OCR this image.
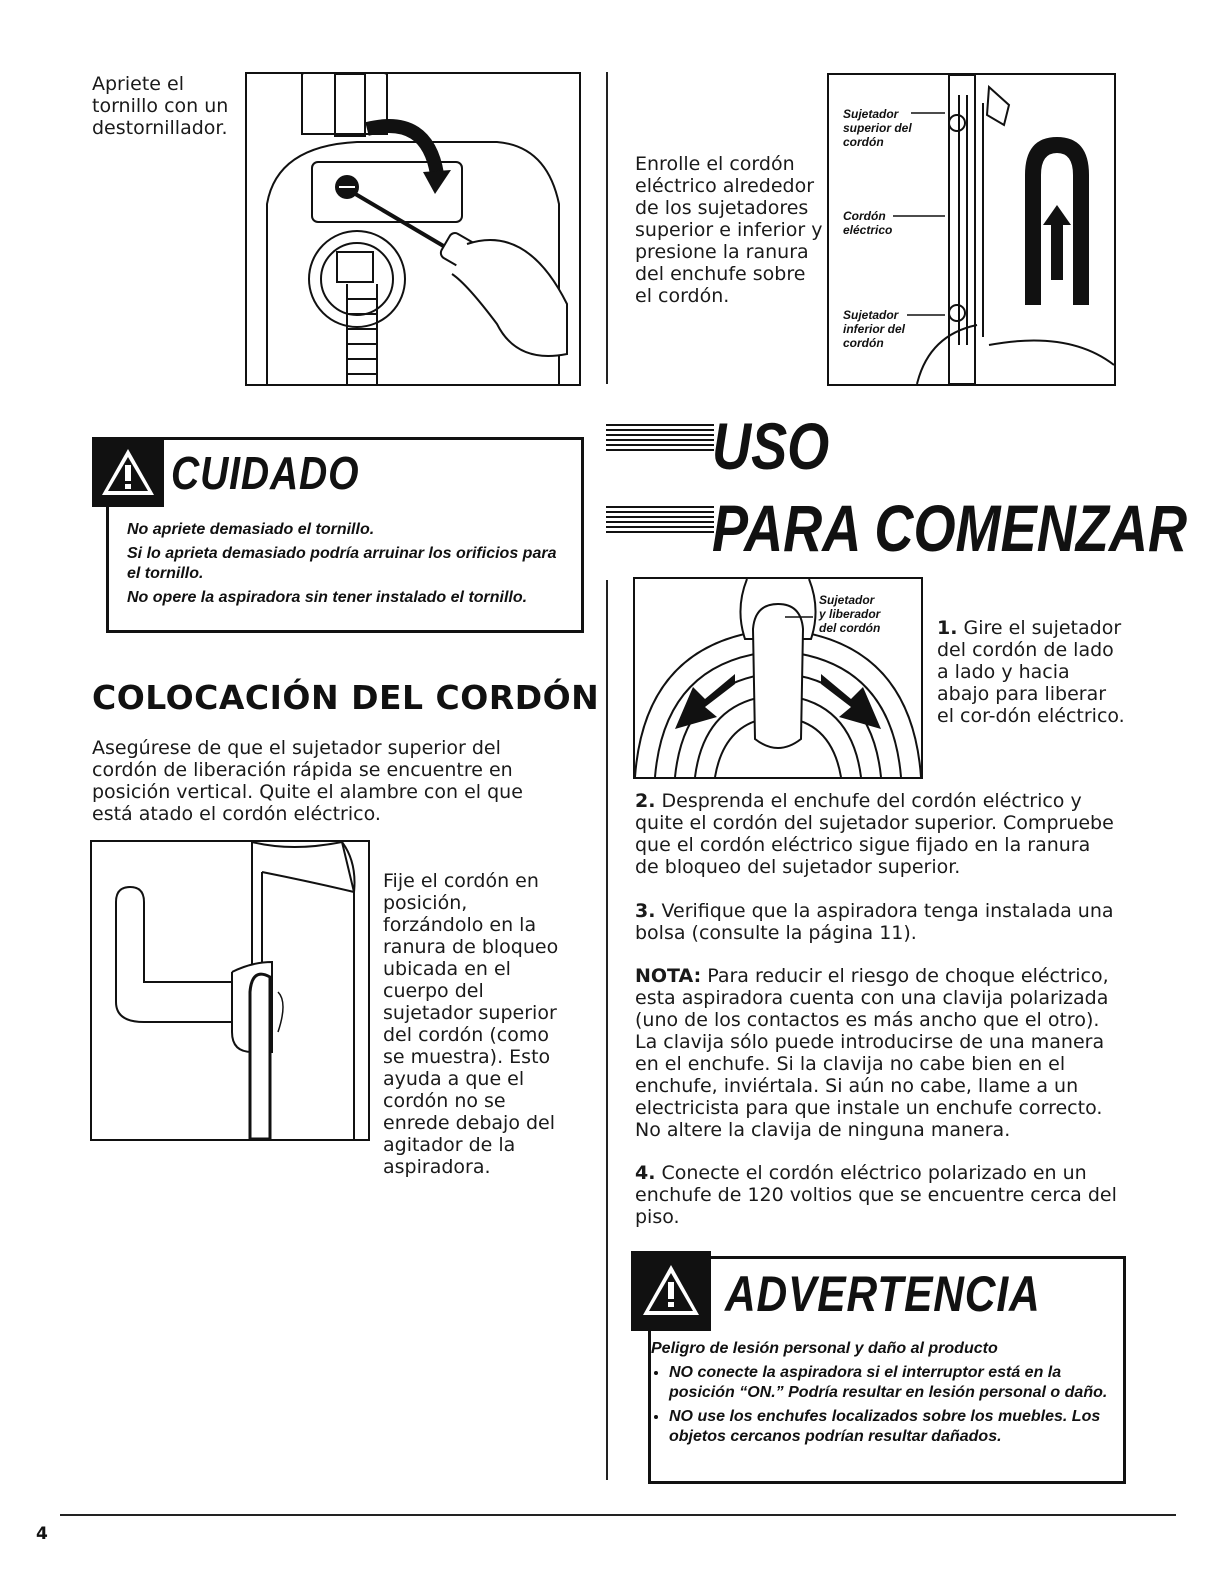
Apriete el
tornillo con un
destornillador.
Enrolle el cordón
eléctrico alrededor
de los sujetadores
superior e inferior y
presione la ranura
del enchufe sobre
el cordón.
Sujetador
superior del
cordón
Cordón
eléctrico
Sujetador
inferior del
cordón
CUIDADO

No apriete demasiado el tornillo.

Si lo aprieta demasiado podría arruinar los orificios para el tornillo.

No opere la aspiradora sin tener instalado el tornillo.

COLOCACIÓN DEL CORDÓN
Asegúrese de que el sujetador superior del cordón de liberación rápida se encuentre en posición vertical. Quite el alambre con el que está atado el cordón eléctrico.
Fije el cordón en posición, forzándolo en la ranura de bloqueo ubicada en el cuerpo del sujetador superior del cordón (como se muestra). Esto ayuda a que el cordón no se enrede debajo del agitador de la aspiradora.
USO
PARA COMENZAR
Sujetador
y liberador
del cordón	1. Gire el sujetador del cordón de lado a lado y hacia abajo para liberar el cor-dón eléctrico.
2. Desprenda el enchufe del cordón eléctrico y quite el cordón del sujetador superior. Compruebe que el cordón eléctrico sigue fijado en la ranura de bloqueo del sujetador superior.
3. Verifique que la aspiradora tenga instalada una bolsa (consulte la página 11).
NOTA: Para reducir el riesgo de choque eléctrico, esta aspiradora cuenta con una clavija polarizada (uno de los contactos es más ancho que el otro). La clavija sólo puede introducirse de una manera en el enchufe. Si la clavija no cabe bien en el enchufe, inviértala. Si aún no cabe, llame a un electricista para que instale un enchufe correcto. No altere la clavija de ninguna manera.
4. Conecte el cordón eléctrico polarizado en un enchufe de 120 voltios que se encuentre cerca del piso.
ADVERTENCIA

Peligro de lesión personal y daño al producto

• NO conecte la aspiradora si el interruptor está en la posición “ON.” Podría resultar en lesión personal o daño.
• NO use los enchufes localizados sobre los muebles. Los objetos cercanos podrían resultar dañados.
4
